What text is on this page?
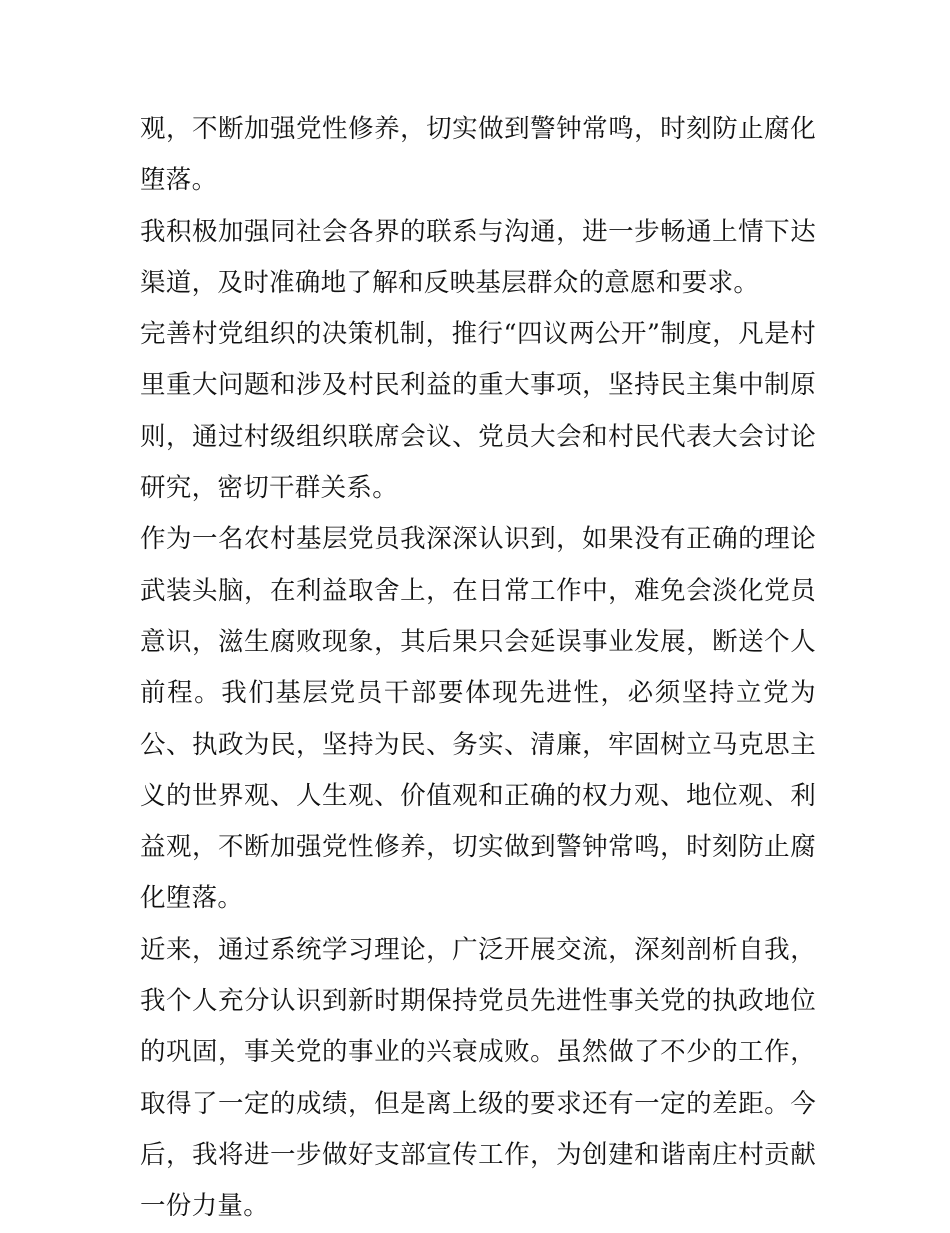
观，不断加强党性修养，切实做到警钟常鸣，时刻防止腐化堕落。

我积极加强同社会各界的联系与沟通，进一步畅通上情下达渠道，及时准确地了解和反映基层群众的意愿和要求。

完善村党组织的决策机制，推行“四议两公开”制度，凡是村里重大问题和涉及村民利益的重大事项，坚持民主集中制原则，通过村级组织联席会议、党员大会和村民代表大会讨论研究，密切干群关系。

作为一名农村基层党员我深深认识到，如果没有正确的理论武装头脑，在利益取舍上，在日常工作中，难免会淡化党员意识，滋生腐败现象，其后果只会延误事业发展，断送个人前程。我们基层党员干部要体现先进性，必须坚持立党为公、执政为民，坚持为民、务实、清廉，牢固树立马克思主义的世界观、人生观、价值观和正确的权力观、地位观、利益观，不断加强党性修养，切实做到警钟常鸣，时刻防止腐化堕落。

近来，通过系统学习理论，广泛开展交流，深刻剖析自我，我个人充分认识到新时期保持党员先进性事关党的执政地位的巩固，事关党的事业的兴衰成败。虽然做了不少的工作，取得了一定的成绩，但是离上级的要求还有一定的差距。今后，我将进一步做好支部宣传工作，为创建和谐南庄村贡献一份力量。
